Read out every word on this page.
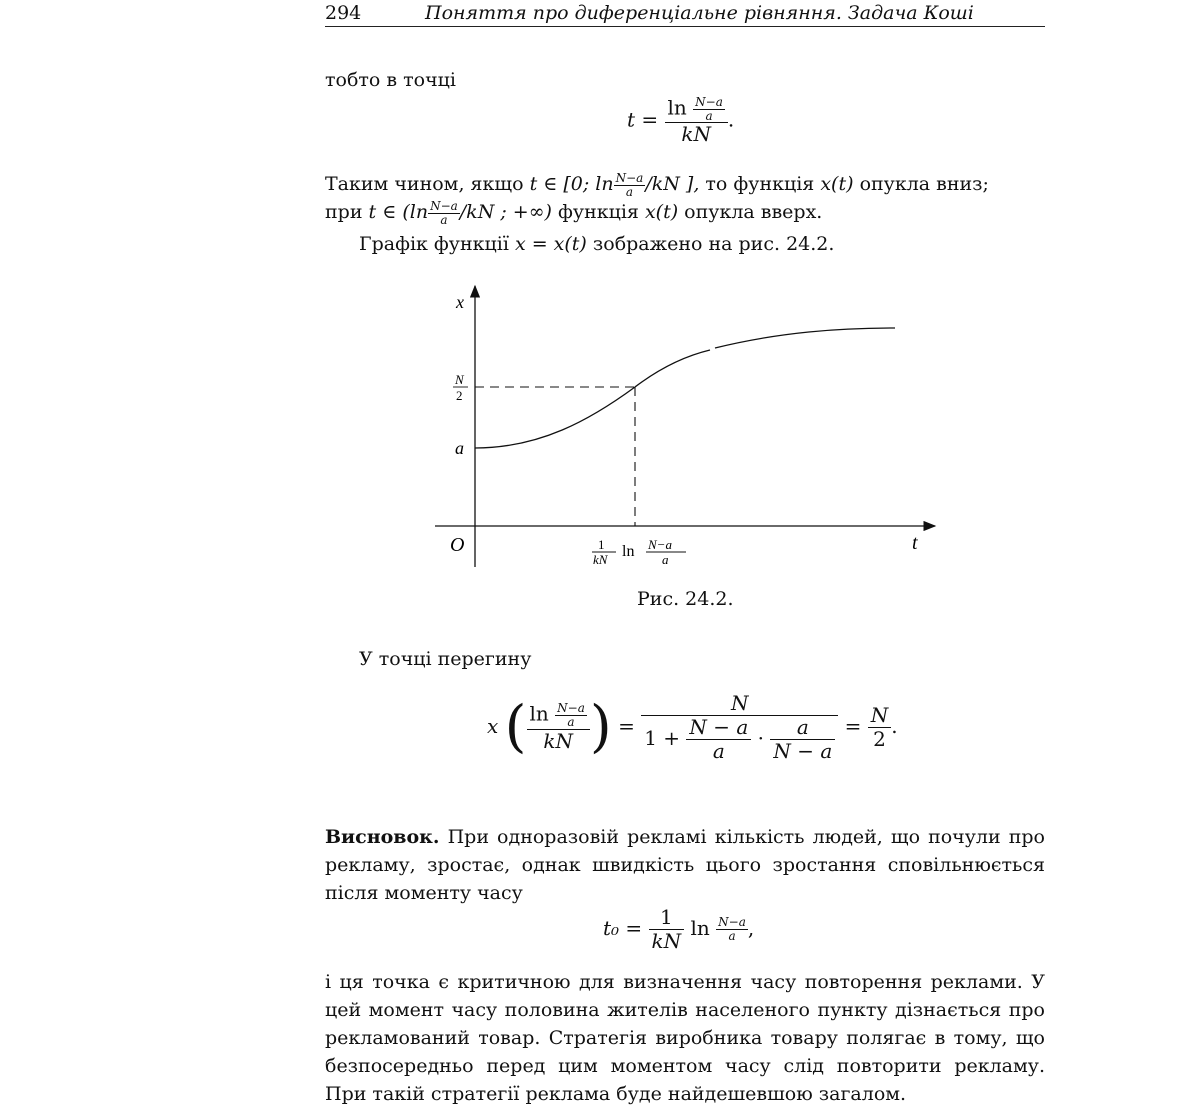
294	Поняття про диференціальне рівняння. Задача Коші

тобто в точці

$t = \frac{\ln \frac{N-a}{a}}{kN}$ .
Таким чином, якщо t ∈ [0; $\ln \frac{N-a}{a} /kN$ ], то функція x(t) опукла вниз;
при t ∈ ($\ln \frac{N-a}{a} /kN$ ; +∞) функція x(t) опукла вверх.
Графік функції x = x(t) зображено на рис. 24.2.
Рис. 24.2.

У точці перегину

x ( $\frac{\ln \frac{N-a}{a}}{kN}$ ) = $\frac{N}{1 + \frac{N - a}{a} \cdot \frac{a}{N - a}} = \frac{N}{2}$ .
Висновок. При одноразовій рекламі кількість людей, що почули про рекламу, зростає, однак швидкість цього зростання сповільнюється після моменту часу
$t_0 = \frac{1}{kN}$ $\ln \frac{N-a}{a}$ ,

і ця точка є критичною для визначення часу повторення реклами. У цей момент часу половина жителів населеного пункту дізнається про рекламований товар. Стратегія виробника товару полягає в тому, що безпосередньо перед цим моментом часу слід повторити рекламу. При такій стратегії реклама буде найдешевшою загалом.

x
t
O
a
N
2
1
kN ln N−a
a
